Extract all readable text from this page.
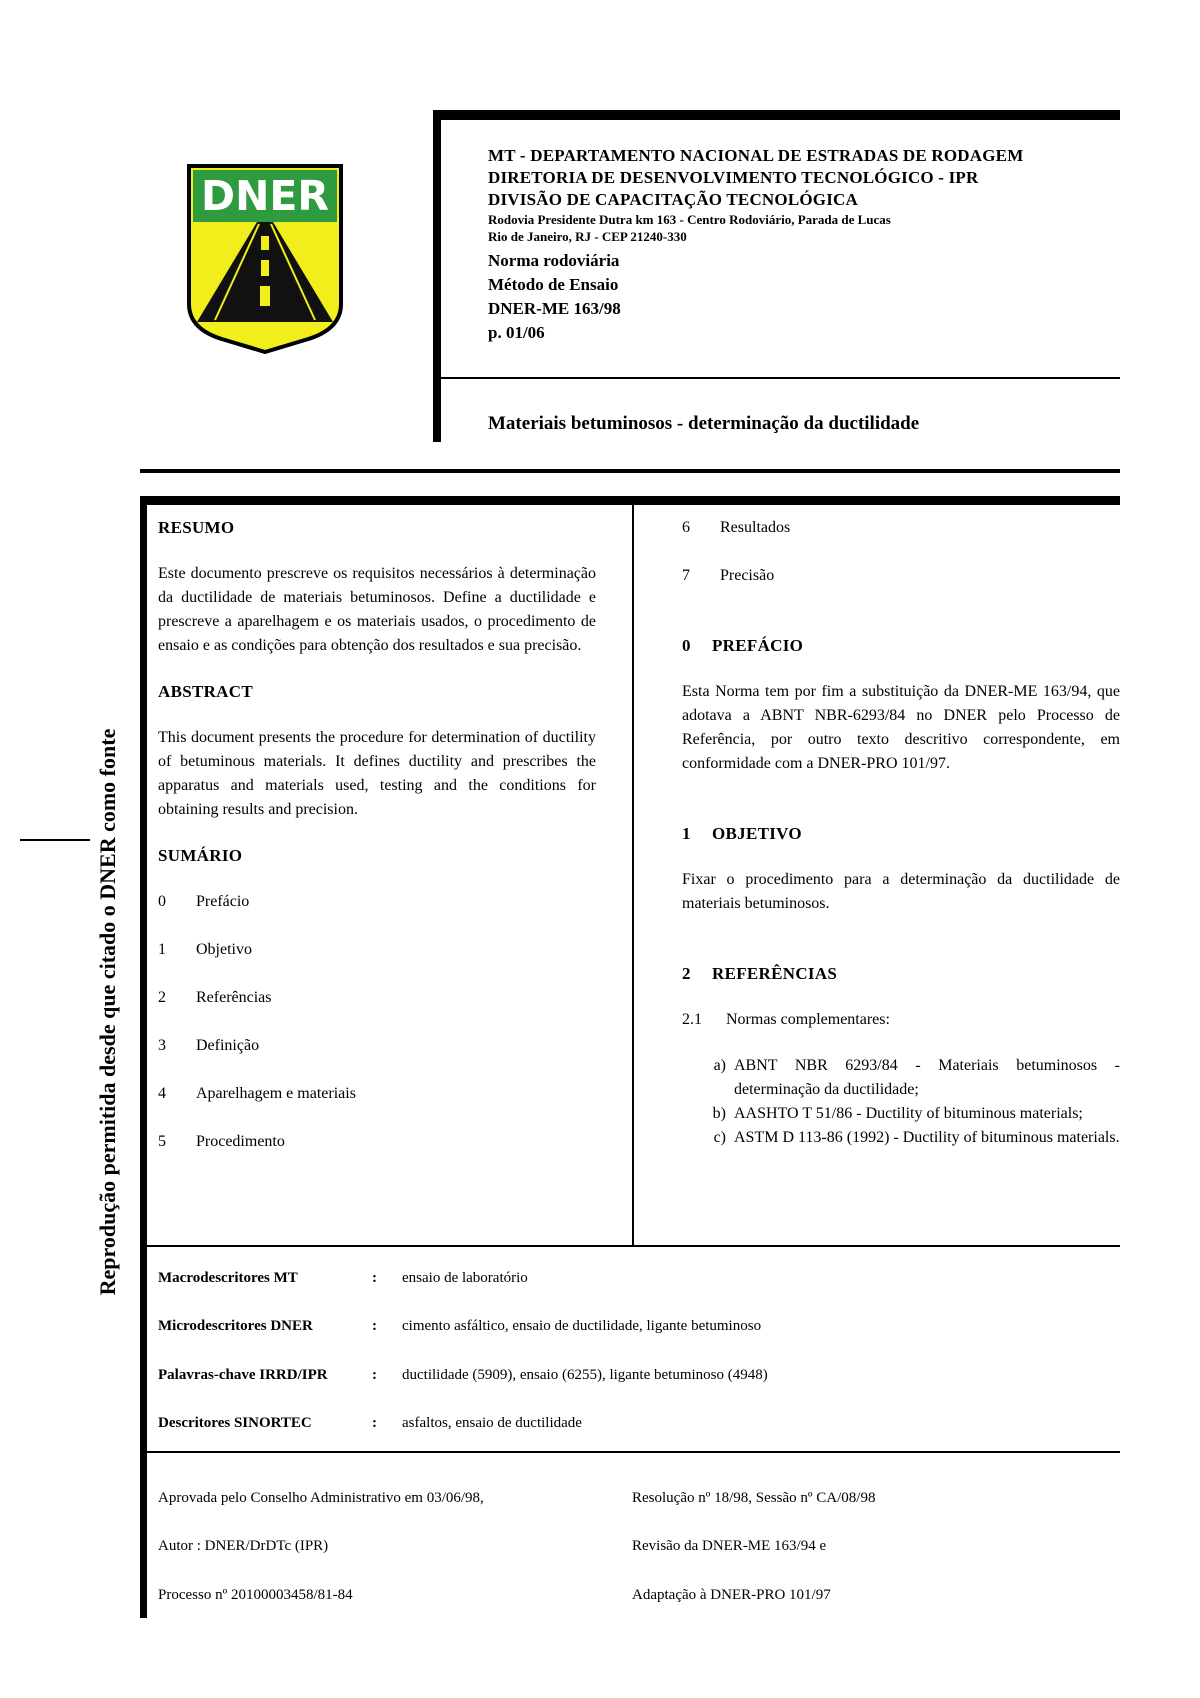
DNER
MT - DEPARTAMENTO NACIONAL DE ESTRADAS DE RODAGEM
DIRETORIA DE DESENVOLVIMENTO TECNOLÓGICO - IPR
DIVISÃO DE CAPACITAÇÃO TECNOLÓGICA
Rodovia Presidente Dutra km 163 - Centro Rodoviário, Parada de Lucas
Rio de Janeiro, RJ - CEP 21240-330
Norma rodoviária
Método de Ensaio
DNER-ME 163/98
p. 01/06
Materiais betuminosos - determinação da ductilidade
Reprodução permitida desde que citado o DNER como fonte
RESUMO
Este documento prescreve os requisitos necessários à determinação da ductilidade de materiais betuminosos. Define a ductilidade e prescreve a aparelhagem e os materiais usados, o procedimento de ensaio e as condições para obtenção dos resultados e sua precisão.
ABSTRACT
This document presents the procedure for determination of ductility of betuminous materials. It defines ductility and prescribes the apparatus and materials used, testing and the conditions for obtaining results and precision.
SUMÁRIO
0	Prefácio
1	Objetivo
2	Referências
3	Definição
4	Aparelhagem e materiais
5	Procedimento
6	Resultados
7	Precisão
0 PREFÁCIO
Esta Norma tem por fim a substituição da DNER-ME 163/94, que adotava a ABNT NBR-6293/84 no DNER pelo Processo de Referência, por outro texto descritivo correspondente, em conformidade com a DNER-PRO 101/97.
1 OBJETIVO
Fixar o procedimento para a determinação da ductilidade de materiais betuminosos.
2 REFERÊNCIAS
2.1 Normas complementares:
a) ABNT NBR 6293/84 - Materiais betuminosos - determinação da ductilidade;
b) AASHTO T 51/86 - Ductility of bituminous materials;
c) ASTM D 113-86 (1992) - Ductility of bituminous materials.
Macrodescritores MT	: ensaio de laboratório
Microdescritores DNER	: cimento asfáltico, ensaio de ductilidade, ligante betuminoso
Palavras-chave IRRD/IPR	: ductilidade (5909), ensaio (6255), ligante betuminoso (4948)
Descritores SINORTEC	: asfaltos, ensaio de ductilidade
Aprovada pelo Conselho Administrativo em 03/06/98,	Resolução nº 18/98, Sessão nº CA/08/98
Autor : DNER/DrDTc (IPR)	Revisão da DNER-ME 163/94 e
Processo nº 20100003458/81-84	Adaptação à DNER-PRO 101/97
